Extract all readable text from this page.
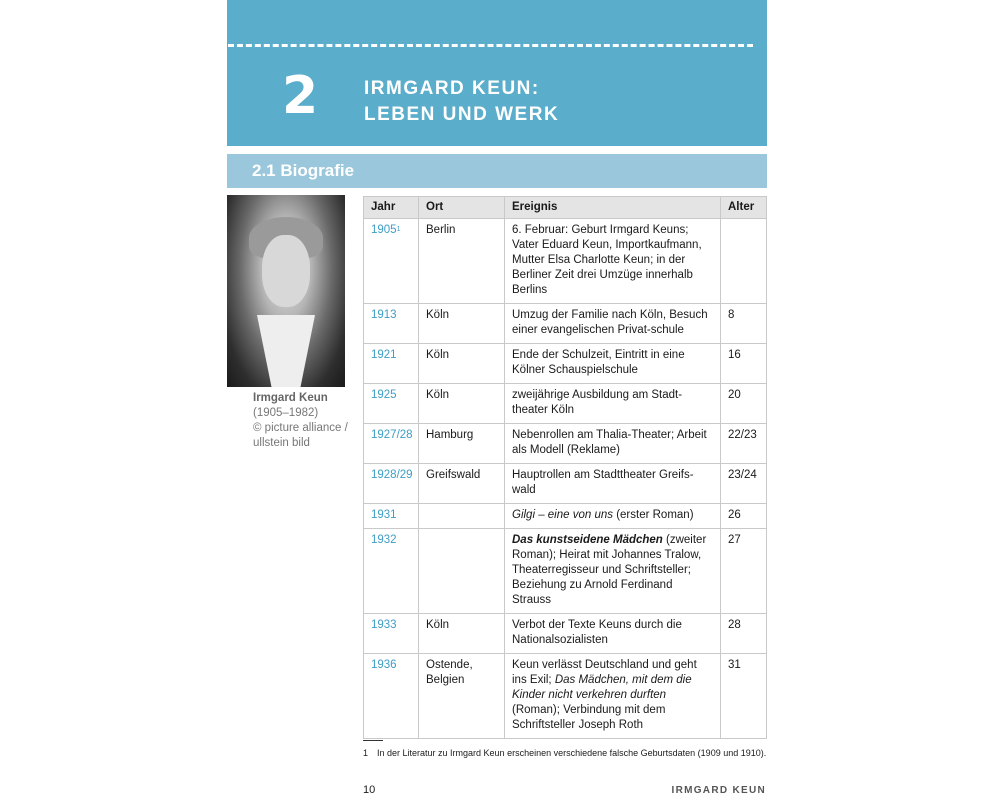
2 IRMGARD KEUN:
LEBEN UND WERK
2.1 Biografie
Irmgard Keun
(1905–1982)
© picture alliance /
ullstein bild
Jahr	Ort	Ereignis	Alter
1905$^1$	Berlin	6. Februar: Geburt Irmgard Keuns; Vater Eduard Keun, Importkaufmann, Mutter Elsa Charlotte Keun; in der Berliner Zeit drei Umzüge innerhalb Berlins	
1913	Köln	Umzug der Familie nach Köln, Besuch einer evangelischen Privat-schule	8
1921	Köln	Ende der Schulzeit, Eintritt in eine Kölner Schauspielschule	16
1925	Köln	zweijährige Ausbildung am Stadt-theater Köln	20
1927/28	Hamburg	Nebenrollen am Thalia-Theater; Arbeit als Modell (Reklame)	22/23
1928/29	Greifswald	Hauptrollen am Stadttheater Greifs-wald	23/24
1931		Gilgi – eine von uns (erster Roman)	26
1932		Das kunstseidene Mädchen (zweiter Roman); Heirat mit Johannes Tralow, Theaterregisseur und Schriftsteller; Beziehung zu Arnold Ferdinand Strauss	27
1933	Köln	Verbot der Texte Keuns durch die Nationalsozialisten	28
1936	Ostende, Belgien	Keun verlässt Deutschland und geht ins Exil; Das Mädchen, mit dem die Kinder nicht verkehren durften (Roman); Verbindung mit dem Schriftsteller Joseph Roth	31
1 In der Literatur zu Irmgard Keun erscheinen verschiedene falsche Geburtsdaten (1909 und 1910).
10	IRMGARD KEUN
